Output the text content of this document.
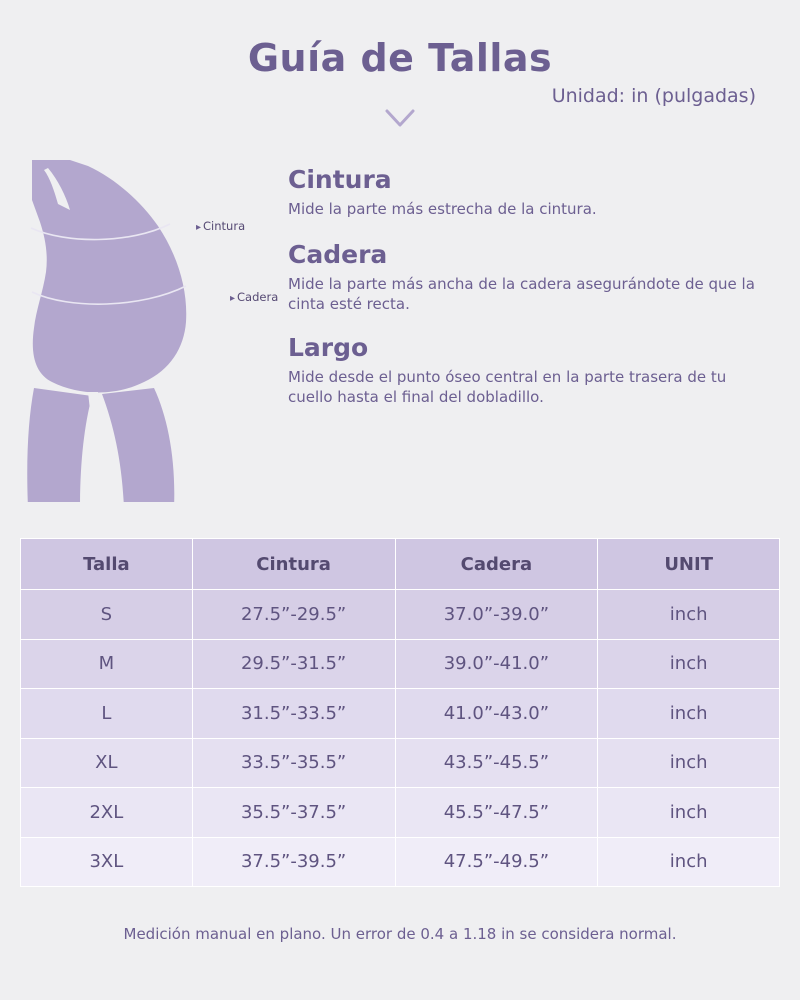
Guía de Tallas
Unidad: in (pulgadas)
▸ Cintura
▸ Cadera
Cintura
Mide la parte más estrecha de la cintura.
Cadera
Mide la parte más ancha de la cadera asegurándote de que la cinta esté recta.
Largo
Mide desde el punto óseo central en la parte trasera de tu cuello hasta el final del dobladillo.
Talla	Cintura	Cadera	UNIT
S	27.5”-29.5”	37.0”-39.0”	inch
M	29.5”-31.5”	39.0”-41.0”	inch
L	31.5”-33.5”	41.0”-43.0”	inch
XL	33.5”-35.5”	43.5”-45.5”	inch
2XL	35.5”-37.5”	45.5”-47.5”	inch
3XL	37.5”-39.5”	47.5”-49.5”	inch
Medición manual en plano. Un error de 0.4 a 1.18 in se considera normal.
